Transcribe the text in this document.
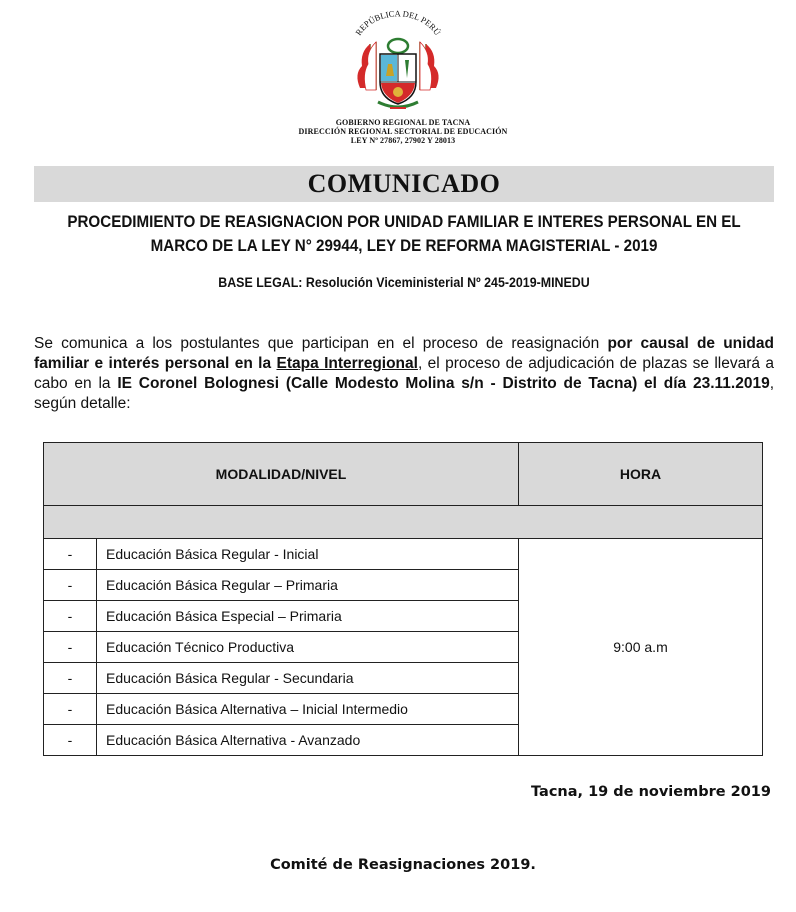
REPÚBLICA DEL PERÚ
GOBIERNO REGIONAL DE TACNA
DIRECCIÓN REGIONAL SECTORIAL DE EDUCACIÓN
LEY Nº 27867, 27902 Y 28013
COMUNICADO
PROCEDIMIENTO DE REASIGNACION POR UNIDAD FAMILIAR E INTERES PERSONAL EN EL
MARCO DE LA LEY N° 29944, LEY DE REFORMA MAGISTERIAL - 2019
BASE LEGAL: Resolución Viceministerial Nº 245-2019-MINEDU
Se comunica a los postulantes que participan en el proceso de reasignación por causal de unidad familiar e interés personal en la Etapa Interregional, el proceso de adjudicación de plazas se llevará a cabo en la IE Coronel Bolognesi (Calle Modesto Molina s/n - Distrito de Tacna) el día 23.11.2019, según detalle:
MODALIDAD/NIVEL		HORA

-	Educación Básica Regular - Inicial	9:00 a.m
-	Educación Básica Regular – Primaria	
-	Educación Básica Especial – Primaria	
-	Educación Técnico Productiva	
-	Educación Básica Regular - Secundaria	
-	Educación Básica Alternativa – Inicial Intermedio	
-	Educación Básica Alternativa - Avanzado	
Tacna, 19 de noviembre 2019
Comité de Reasignaciones 2019.
